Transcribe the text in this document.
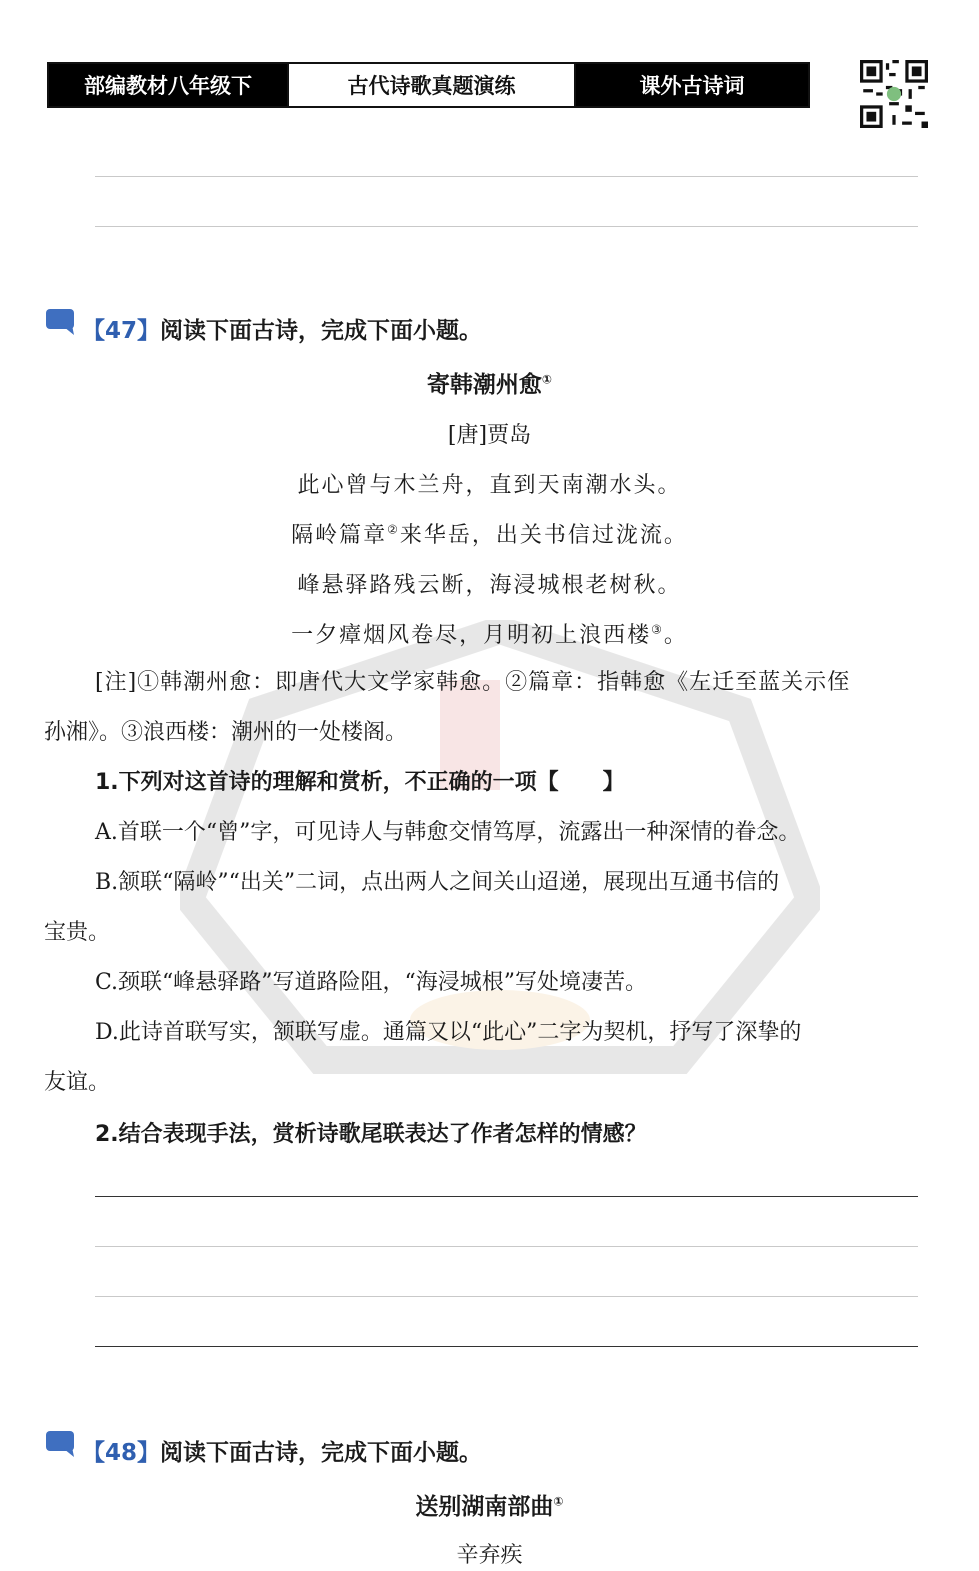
部编教材八年级下	古代诗歌真题演练	课外古诗词
【47】 阅读下面古诗，完成下面小题。
寄韩潮州愈①
[唐]贾岛
此心曾与木兰舟，直到天南潮水头。
隔岭篇章②来华岳，出关书信过泷流。
峰悬驿路残云断，海浸城根老树秋。
一夕瘴烟风卷尽，月明初上浪西楼③。
[注]①韩潮州愈：即唐代大文学家韩愈。②篇章：指韩愈《左迁至蓝关示侄
孙湘》。③浪西楼：潮州的一处楼阁。
1.下列对这首诗的理解和赏析，不正确的一项【　　】
A.首联一个“曾”字，可见诗人与韩愈交情笃厚，流露出一种深情的眷念。
B.颔联“隔岭”“出关”二词，点出两人之间关山迢递，展现出互通书信的
宝贵。
C.颈联“峰悬驿路”写道路险阻，“海浸城根”写处境凄苦。
D.此诗首联写实，颔联写虚。通篇又以“此心”二字为契机，抒写了深挚的
友谊。
2.结合表现手法，赏析诗歌尾联表达了作者怎样的情感？
【48】 阅读下面古诗，完成下面小题。
送别湖南部曲①
辛弃疾
